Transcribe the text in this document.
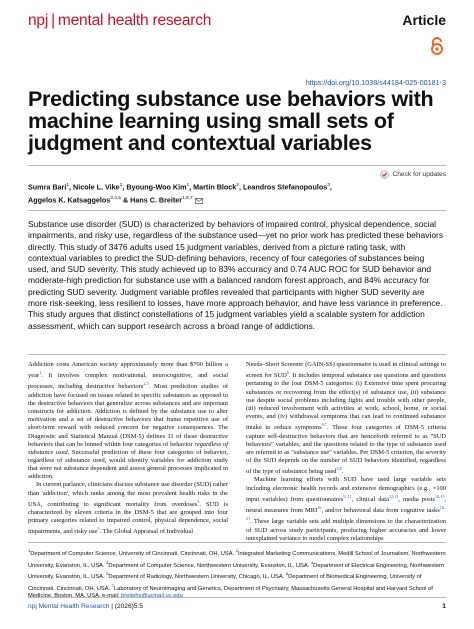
npj | mental health research	Article
https://doi.org/10.1038/s44184-025-00181-3
Predicting substance use behaviors with machine learning using small sets of judgment and contextual variables
Check for updates
Sumra Bari$^1$, Nicole L. Vike$^1$, Byoung-Woo Kim$^1$, Martin Block$^2$, Leandros Stefanopoulos$^3$,
Aggelos K. Katsaggelos$^{3,4,5}$ & Hans C. Breiter$^{1,6,7}$
Substance use disorder (SUD) is characterized by behaviors of impaired control, physical dependence, social impairments, and risky use, regardless of the substance used—yet no prior work has predicted these behaviors directly. This study of 3476 adults used 15 judgment variables, derived from a picture rating task, with contextual variables to predict the SUD-defining behaviors, recency of four categories of substances being used, and SUD severity. This study achieved up to 83% accuracy and 0.74 AUC ROC for SUD behavior and moderate-high prediction for substance use with a balanced random forest approach, and 84% accuracy for predicting SUD severity. Judgment variable profiles revealed that participants with higher SUD severity are more risk-seeking, less resilient to losses, have more approach behavior, and have less variance in preference. This study argues that distinct constellations of 15 judgment variables yield a scalable system for addiction assessment, which can support research across a broad range of addictions.

Addiction costs American society approximately more than $700 billion a year$^1$. It involves complex motivational, neurocognitive, and social processes, including destructive behaviors$^{2,3}$. Most prediction studies of addiction have focused on issues related to specific substances as opposed to the destructive behaviors that generalize across substances and are important constructs for addiction. Addiction is defined by the substance use to alter motivation and a set of destructive behaviors that frame repetitive use of short-term reward with reduced concern for negative consequences. The Diagnostic and Statistical Manual (DSM-5) defines 11 of these destructive behaviors that can be binned within four categories of behavior regardless of substance used. Successful prediction of these four categories of behavior, regardless of substance used, would identify variables for addiction study that were not substance dependent and assess general processes implicated in addiction.

In current parlance, clinicians discuss substance use disorder (SUD) rather than 'addiction', which ranks among the most prevalent health risks in the USA, contributing to significant mortality from overdoses$^4$. SUD is characterized by eleven criteria in the DSM-5 that are grouped into four primary categories related to impaired control, physical dependence, social impairments, and risky use$^5$. The Global Appraisal of Individual

Needs–Short Screener (GAIN-SS) questionnaire is used in clinical settings to screen for SUD$^6$. It includes temporal substance use questions and questions pertaining to the four DSM-5 categories: (i) Extensive time spent procuring substances or recovering from the effect(s) of substance use, (ii) substance use despite social problems including fights and trouble with other people, (iii) reduced involvement with activities at work, school, home, or social events, and (iv) withdrawal symptoms that can lead to continued substance intake to reduce symptoms$^{6,7}$. These four categories of DSM-5 criteria capture self-destructive behaviors that are henceforth referred to as "SUD behaviors" variables, and the questions related to the type of substance used are referred to as "substance use" variables. Per DSM-5 criterion, the severity of the SUD depends on the number of SUD behaviors identified, regardless of the type of substance being used$^{5,8}$.

Machine learning efforts with SUD have used large variable sets including electronic health records and extensive demographics (e.g., ×100 input variables) from questionnaires$^{9-11}$, clinical data$^{12,13}$, media posts$^{14,15}$, neural measures from MRI$^{16}$, and/or behavioral data from cognitive tasks$^{16-21}$. These large variable sets add multiple dimensions to the characterization of SUD across study participants, producing higher accuracies and lower unexplained variance to model complex relationships

$^1$Department of Computer Science, University of Cincinnati, Cincinnati, OH, USA. $^2$Integrated Marketing Communications, Medill School of Journalism, Northwestern University, Evanston, IL, USA. $^3$Department of Computer Science, Northwestern University, Evanston, IL, USA. $^4$Department of Electrical Engineering, Northwestern University, Evanston, IL, USA. $^5$Department of Radiology, Northwestern University, Chicago, IL, USA. $^6$Department of Biomedical Engineering, University of Cincinnati, Cincinnati, OH, USA. $^7$Laboratory of Neuroimaging and Genetics, Department of Psychiatry, Massachusetts General Hospital and Harvard School of Medicine, Boston, MA, USA. e-mail: breitehs@ucmail.uc.edu
npj Mental Health Research | (2026)5:5	1
